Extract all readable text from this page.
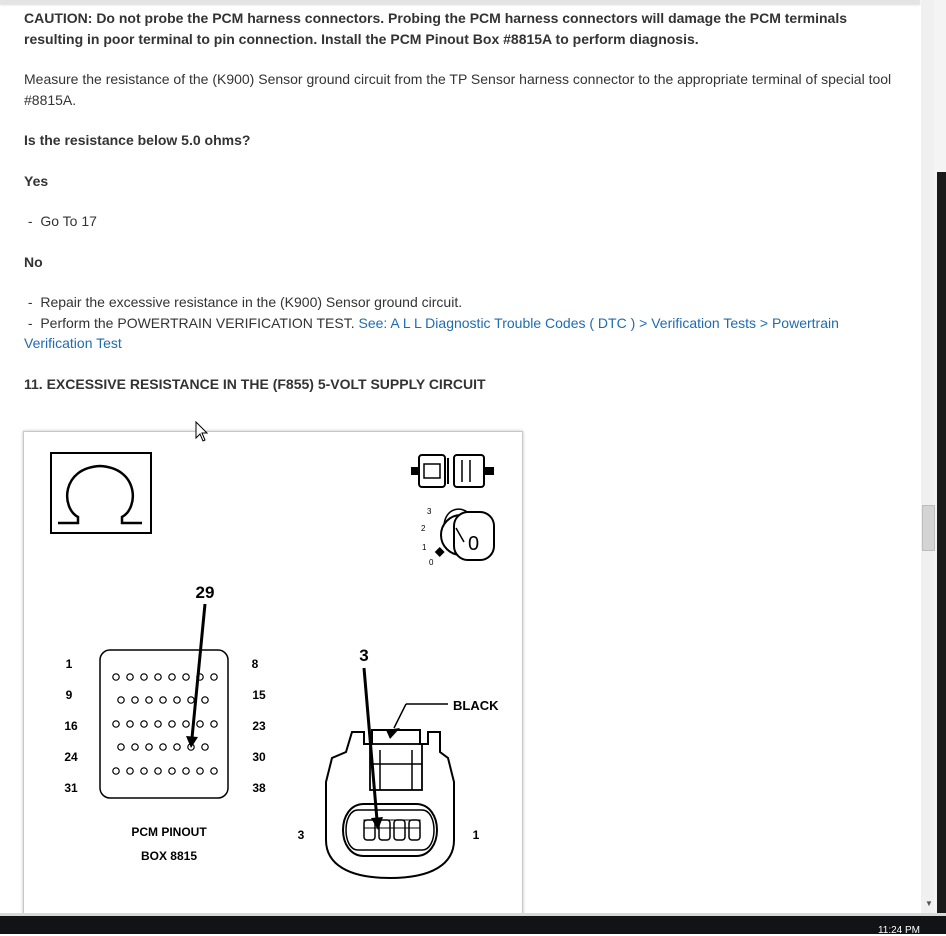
CAUTION: Do not probe the PCM harness connectors. Probing the PCM harness connectors will damage the PCM terminals resulting in poor terminal to pin connection. Install the PCM Pinout Box #8815A to perform diagnosis.

Measure the resistance of the (K900) Sensor ground circuit from the TP Sensor harness connector to the appropriate terminal of special tool #8815A.

Is the resistance below 5.0 ohms?

Yes

-  Go To 17

No

-  Repair the excessive resistance in the (K900) Sensor ground circuit.
-  Perform the POWERTRAIN VERIFICATION TEST. See: A L L Diagnostic Trouble Codes ( DTC ) > Verification Tests > Powertrain Verification Test

11. EXCESSIVE RESISTANCE IN THE (F855) 5-VOLT SUPPLY CIRCUIT

3
2
1
0
0
1
9
16
24
31
8
15
23
30
38
PCM PINOUT
BOX 8815
29
3	1
BLACK
3
▼
11:24 PM
